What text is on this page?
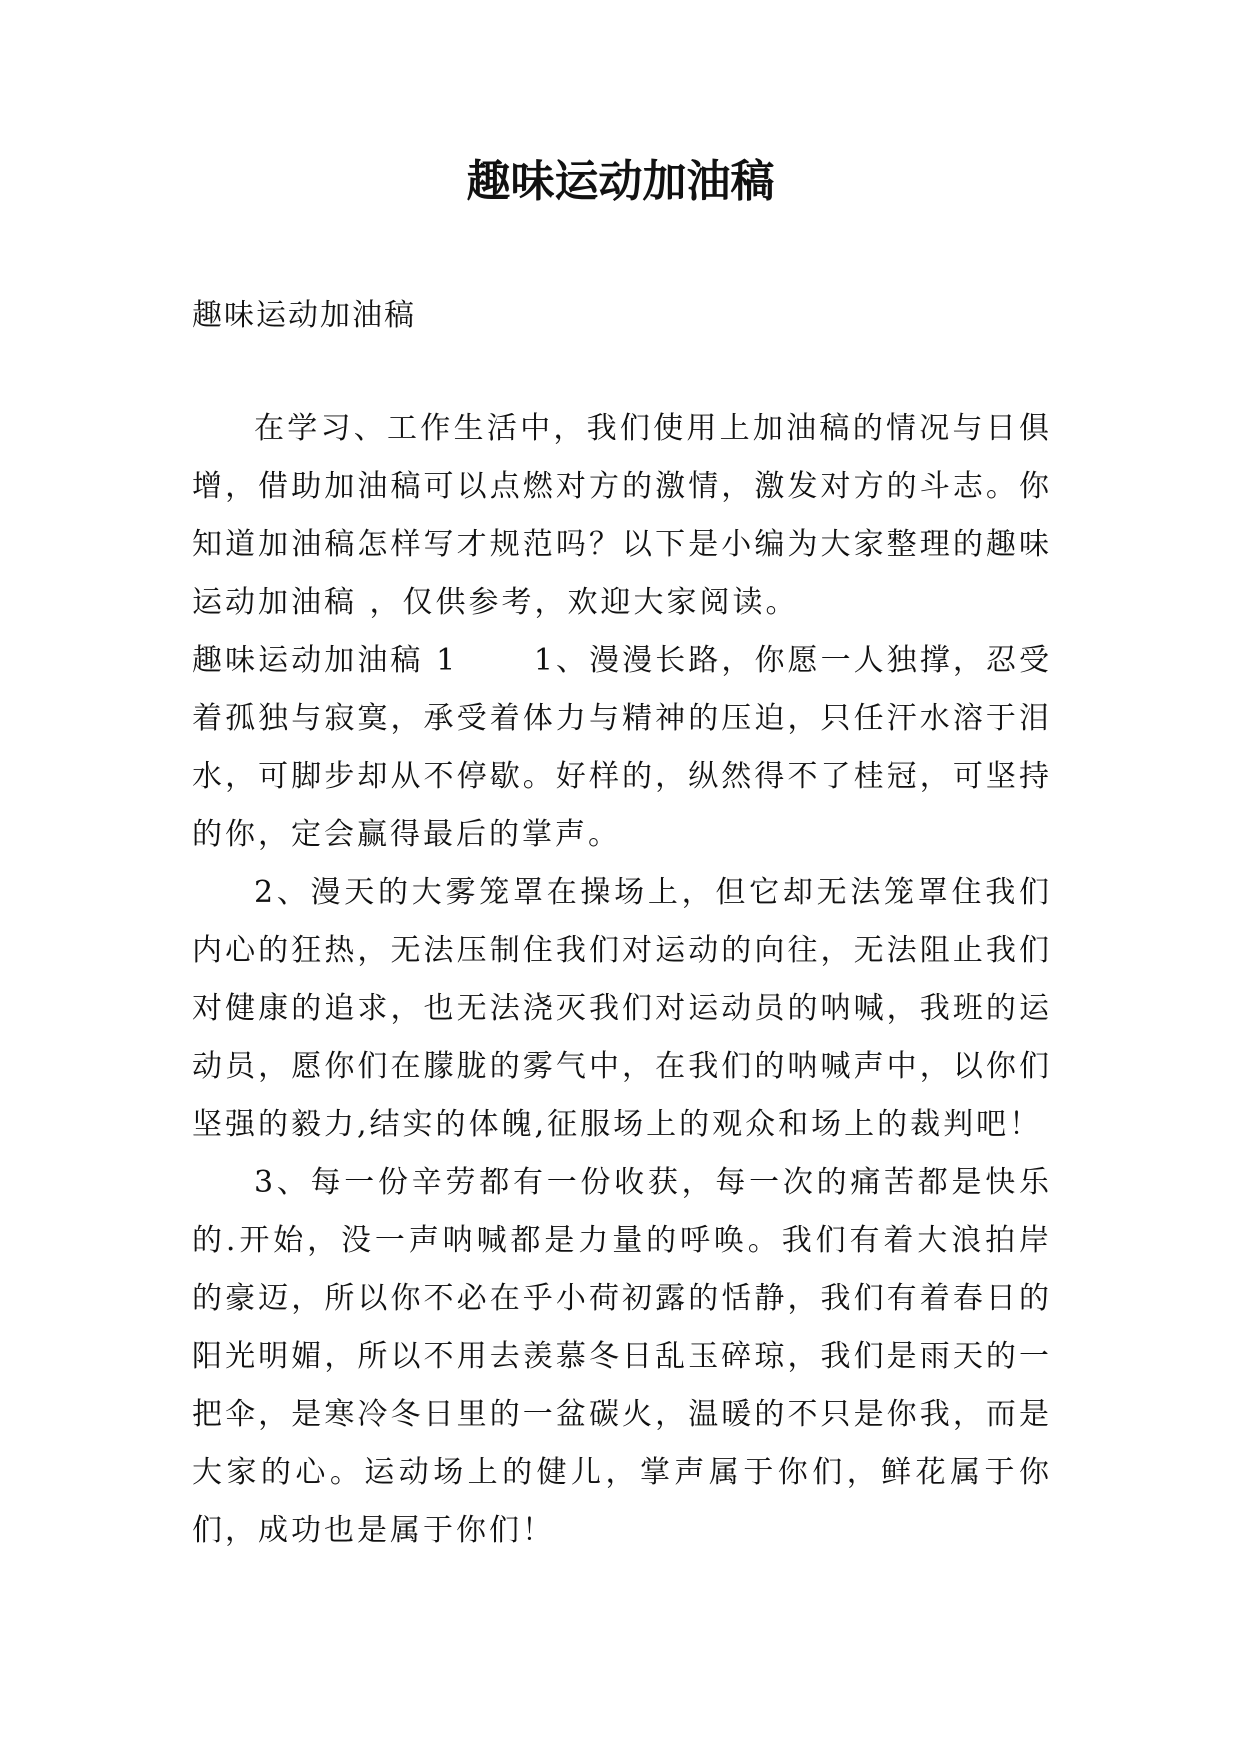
趣味运动加油稿
趣味运动加油稿

在学习、工作生活中，我们使用上加油稿的情况与日俱增，借助加油稿可以点燃对方的激情，激发对方的斗志。你知道加油稿怎样写才规范吗？以下是小编为大家整理的趣味运动加油稿 ，仅供参考，欢迎大家阅读。

趣味运动加油稿 1	1、漫漫长路，你愿一人独撑，忍受着孤独与寂寞，承受着体力与精神的压迫，只任汗水溶于泪水，可脚步却从不停歇。好样的，纵然得不了桂冠，可坚持的你，定会赢得最后的掌声。

2、漫天的大雾笼罩在操场上，但它却无法笼罩住我们内心的狂热，无法压制住我们对运动的向往，无法阻止我们对健康的追求，也无法浇灭我们对运动员的呐喊，我班的运动员，愿你们在朦胧的雾气中，在我们的呐喊声中，以你们坚强的毅力,结实的体魄,征服场上的观众和场上的裁判吧！

3、每一份辛劳都有一份收获，每一次的痛苦都是快乐的.开始，没一声呐喊都是力量的呼唤。我们有着大浪拍岸的豪迈，所以你不必在乎小荷初露的恬静，我们有着春日的阳光明媚，所以不用去羡慕冬日乱玉碎琼，我们是雨天的一把伞，是寒冷冬日里的一盆碳火，温暖的不只是你我，而是大家的心。运动场上的健儿，掌声属于你们，鲜花属于你们，成功也是属于你们！
